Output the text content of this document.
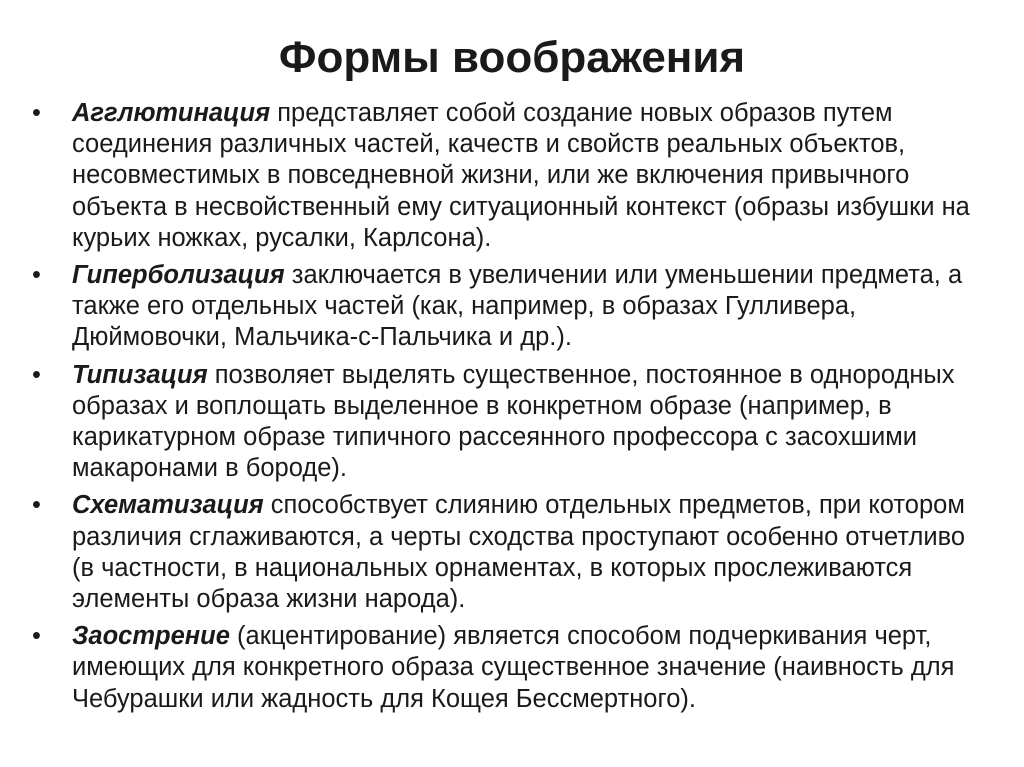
Формы воображения
•	Агглютинация представляет собой создание новых образов путем соединения различных частей, качеств и свойств реальных объектов, несовместимых в повседневной жизни, или же включения привычного объекта в несвойственный ему ситуационный контекст (образы избушки на курьих ножках, русалки, Карлсона).
•	Гиперболизация заключается в увеличении или уменьшении предмета, а также его отдельных частей (как, например, в образах Гулливера, Дюймовочки, Мальчика-с-Пальчика и др.).
•	Типизация позволяет выделять существенное, постоянное в однородных образах и воплощать выделенное в конкретном образе (например, в карикатурном образе типичного рассеянного профессора с засохшими макаронами в бороде).
•	Схематизация способствует слиянию отдельных предметов, при котором различия сглаживаются, а черты сходства проступают особенно отчетливо (в частности, в национальных орнаментах, в которых прослеживаются элементы образа жизни народа).
•	Заострение (акцентирование) является способом подчеркивания черт, имеющих для конкретного образа существенное значение (наивность для Чебурашки или жадность для Кощея Бессмертного).
